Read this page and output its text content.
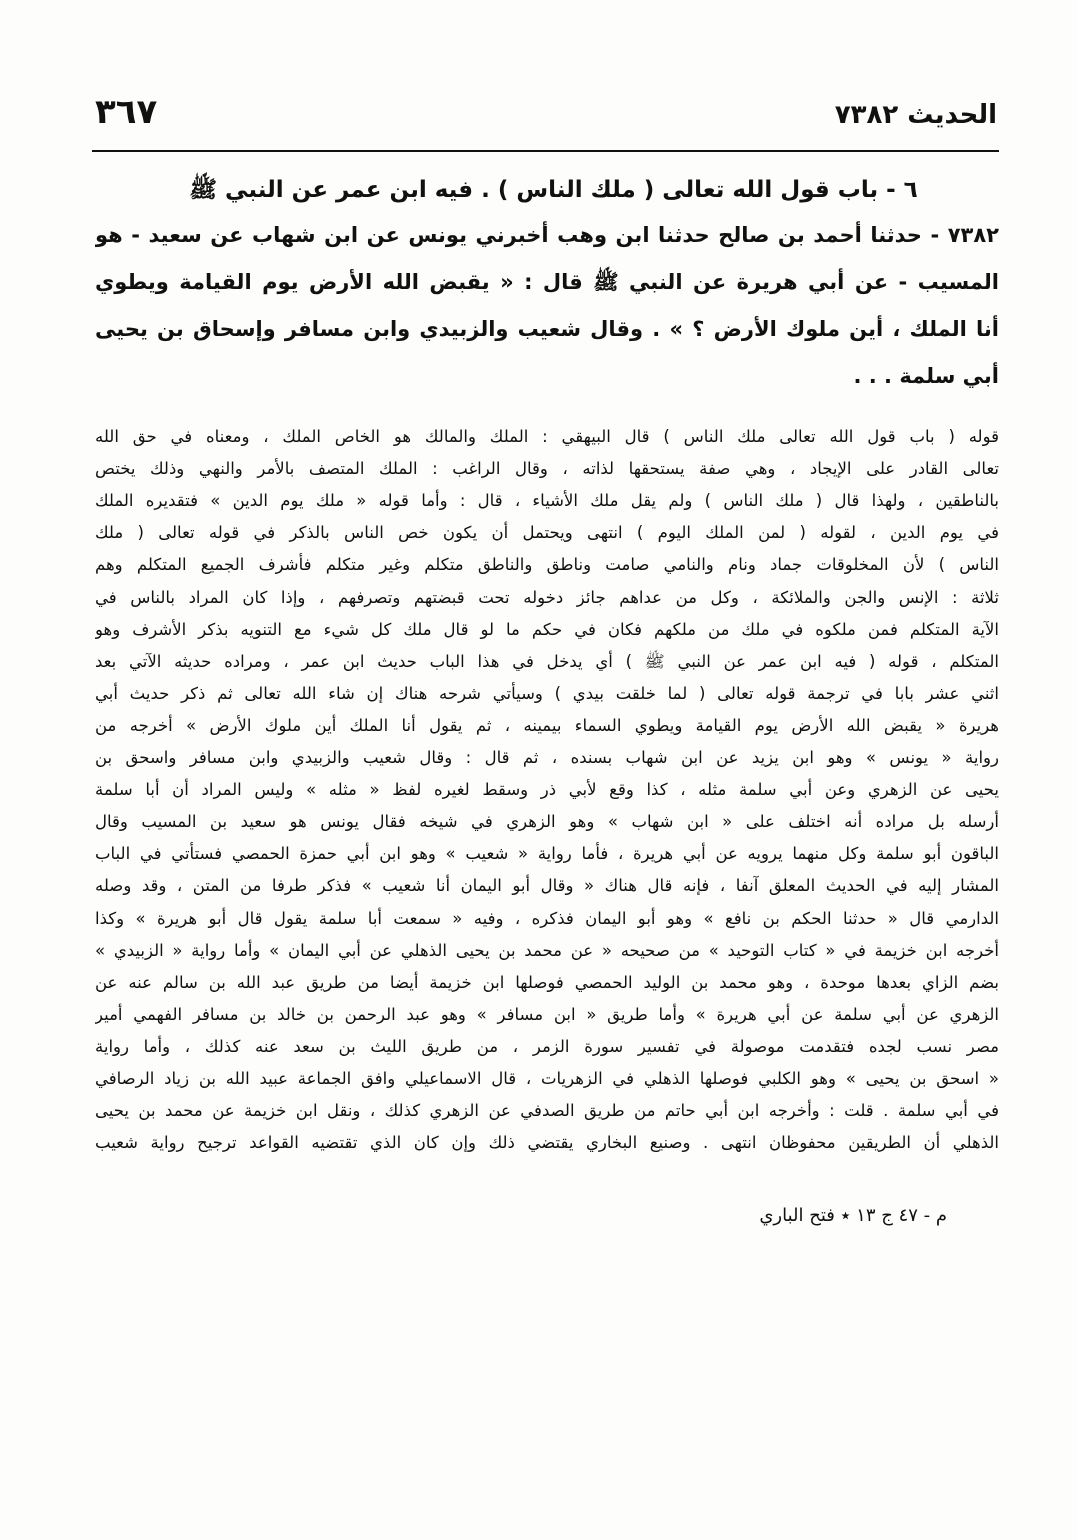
الحديث ٧٣٨٢
٣٦٧
٦ - باب قول الله تعالى ( ملك الناس ) . فيه ابن عمر عن النبي ﷺ
٧٣٨٢ - حدثنا أحمد بن صالح حدثنا ابن وهب أخبرني يونس عن ابن شهاب عن سعيد - هو
المسيب - عن أبي هريرة عن النبي ﷺ قال : « يقبض الله الأرض يوم القيامة ويطوي
أنا الملك ، أين ملوك الأرض ؟ » . وقال شعيب والزبيدي وابن مسافر وإسحاق بن يحيى
أبي سلمة . . .
قوله ( باب قول الله تعالى ملك الناس ) قال البيهقي : الملك والمالك هو الخاص الملك ، ومعناه في حق الله
تعالى القادر على الإيجاد ، وهي صفة يستحقها لذاته ، وقال الراغب : الملك المتصف بالأمر والنهي وذلك يختص
بالناطقين ، ولهذا قال ( ملك الناس ) ولم يقل ملك الأشياء ، قال : وأما قوله « ملك يوم الدين » فتقديره الملك
في يوم الدين ، لقوله ( لمن الملك اليوم ) انتهى ويحتمل أن يكون خص الناس بالذكر في قوله تعالى ( ملك
الناس ) لأن المخلوقات جماد ونام والنامي صامت وناطق والناطق متكلم وغير متكلم فأشرف الجميع المتكلم وهم
ثلاثة : الإنس والجن والملائكة ، وكل من عداهم جائز دخوله تحت قبضتهم وتصرفهم ، وإذا كان المراد بالناس في
الآية المتكلم فمن ملكوه في ملك من ملكهم فكان في حكم ما لو قال ملك كل شيء مع التنويه بذكر الأشرف وهو
المتكلم ، قوله ( فيه ابن عمر عن النبي ﷺ ) أي يدخل في هذا الباب حديث ابن عمر ، ومراده حديثه الآتي بعد
اثني عشر بابا في ترجمة قوله تعالى ( لما خلقت بيدي ) وسيأتي شرحه هناك إن شاء الله تعالى ثم ذكر حديث أبي
هريرة « يقبض الله الأرض يوم القيامة ويطوي السماء بيمينه ، ثم يقول أنا الملك أين ملوك الأرض » أخرجه من
رواية « يونس » وهو ابن يزيد عن ابن شهاب بسنده ، ثم قال : وقال شعيب والزبيدي وابن مسافر واسحق بن
يحيى عن الزهري وعن أبي سلمة مثله ، كذا وقع لأبي ذر وسقط لغيره لفظ « مثله » وليس المراد أن أبا سلمة
أرسله بل مراده أنه اختلف على « ابن شهاب » وهو الزهري في شيخه فقال يونس هو سعيد بن المسيب وقال
الباقون أبو سلمة وكل منهما يرويه عن أبي هريرة ، فأما رواية « شعيب » وهو ابن أبي حمزة الحمصي فستأتي في الباب
المشار إليه في الحديث المعلق آنفا ، فإنه قال هناك « وقال أبو اليمان أنا شعيب » فذكر طرفا من المتن ، وقد وصله
الدارمي قال « حدثنا الحكم بن نافع » وهو أبو اليمان فذكره ، وفيه « سمعت أبا سلمة يقول قال أبو هريرة » وكذا
أخرجه ابن خزيمة في « كتاب التوحيد » من صحيحه « عن محمد بن يحيى الذهلي عن أبي اليمان » وأما رواية « الزبيدي »
بضم الزاي بعدها موحدة ، وهو محمد بن الوليد الحمصي فوصلها ابن خزيمة أيضا من طريق عبد الله بن سالم عنه عن
الزهري عن أبي سلمة عن أبي هريرة » وأما طريق « ابن مسافر » وهو عبد الرحمن بن خالد بن مسافر الفهمي أمير
مصر نسب لجده فتقدمت موصولة في تفسير سورة الزمر ، من طريق الليث بن سعد عنه كذلك ، وأما رواية
« اسحق بن يحيى » وهو الكلبي فوصلها الذهلي في الزهريات ، قال الاسماعيلي وافق الجماعة عبيد الله بن زياد الرصافي
في أبي سلمة . قلت : وأخرجه ابن أبي حاتم من طريق الصدفي عن الزهري كذلك ، ونقل ابن خزيمة عن محمد بن يحيى
الذهلي أن الطريقين محفوظان انتهى . وصنيع البخاري يقتضي ذلك وإن كان الذي تقتضيه القواعد ترجيح رواية شعيب
م - ٤٧ ج ١٣ ٭ فتح الباري
